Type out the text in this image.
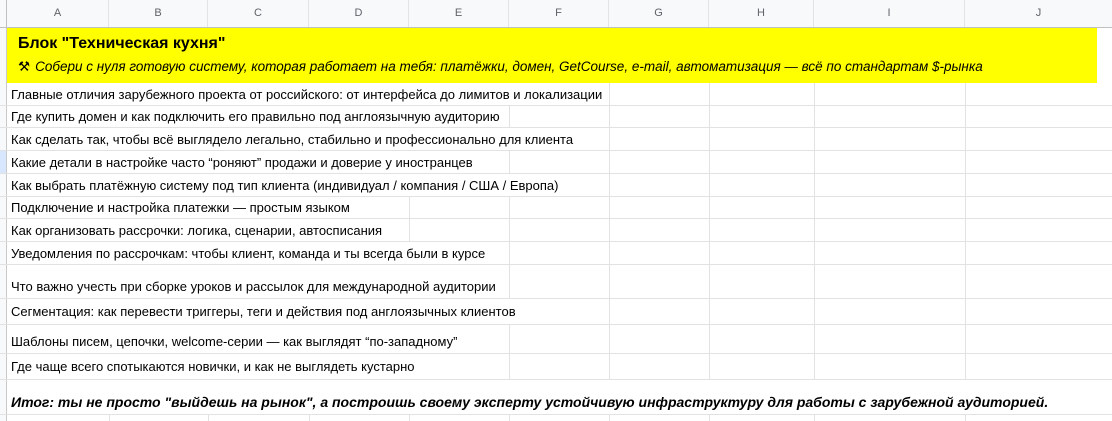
Главные отличия зарубежного проекта от российского: от интерфейса до лимитов и локализации
Где купить домен и как подключить его правильно под англоязычную аудиторию
Как сделать так, чтобы всё выглядело легально, стабильно и профессионально для клиента
Какие детали в настройке часто “роняют” продажи и доверие у иностранцев
Как выбрать платёжную систему под тип клиента (индивидуал / компания / США / Европа)
Подключение и настройка платежки — простым языком
Как организовать рассрочки: логика, сценарии, автосписания
Уведомления по рассрочкам: чтобы клиент, команда и ты всегда были в курсе
Что важно учесть при сборке уроков и рассылок для международной аудитории
Сегментация: как перевести триггеры, теги и действия под англоязычных клиентов
Шаблоны писем, цепочки, welcome-серии — как выглядят “по-западному”
Где чаще всего спотыкаются новички, и как не выглядеть кустарно
Итог: ты не просто "выйдешь на рынок", а построишь своему эксперту устойчивую инфраструктуру для работы с зарубежной аудиторией.
Блок "Техническая кухня"
⚒ Собери с нуля готовую систему, которая работает на тебя: платёжки, домен, GetCourse, e-mail, автоматизация — всё по стандартам $-рынка
A	B	C	D	E	F	G	H	I	J
